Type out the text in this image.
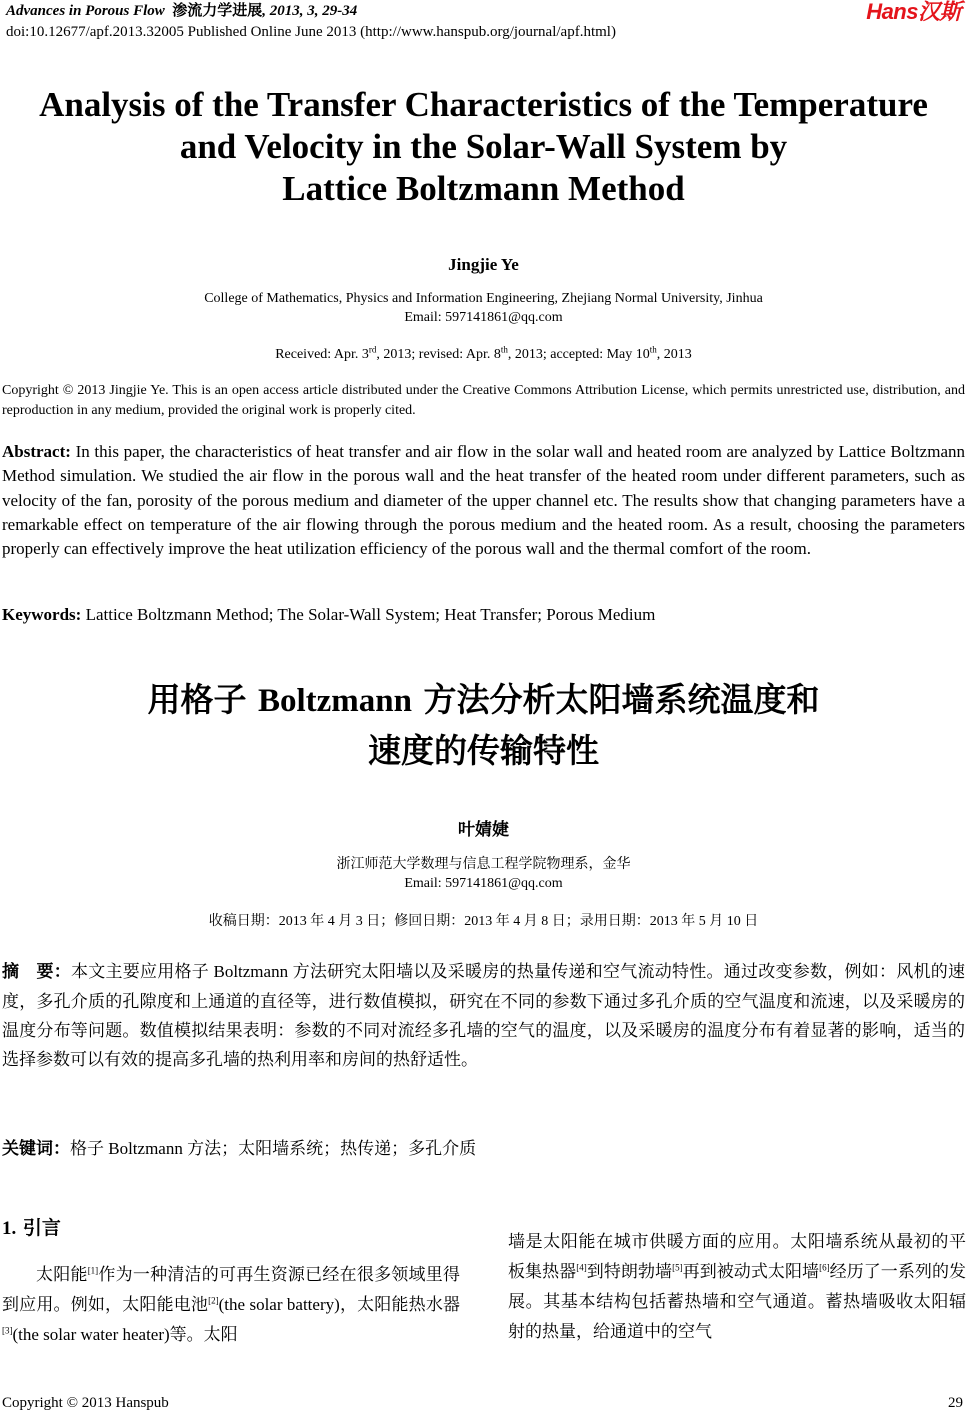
Advances in Porous Flow 渗流力学进展, 2013, 3, 29-34
doi:10.12677/apf.2013.32005 Published Online June 2013 (http://www.hanspub.org/journal/apf.html)
Hans汉斯
Analysis of the Transfer Characteristics of the Temperature
and Velocity in the Solar-Wall System by
Lattice Boltzmann Method
Jingjie Ye
College of Mathematics, Physics and Information Engineering, Zhejiang Normal University, Jinhua
Email: 597141861@qq.com
Received: Apr. 3rd, 2013; revised: Apr. 8th, 2013; accepted: May 10th, 2013
Copyright © 2013 Jingjie Ye. This is an open access article distributed under the Creative Commons Attribution License, which permits unrestricted use, distribution, and reproduction in any medium, provided the original work is properly cited.
Abstract: In this paper, the characteristics of heat transfer and air flow in the solar wall and heated room are analyzed by Lattice Boltzmann Method simulation. We studied the air flow in the porous wall and the heat transfer of the heated room under different parameters, such as velocity of the fan, porosity of the porous medium and diameter of the upper channel etc. The results show that changing parameters have a remarkable effect on temperature of the air flowing through the porous medium and the heated room. As a result, choosing the parameters properly can effectively improve the heat utilization efficiency of the porous wall and the thermal comfort of the room.
Keywords: Lattice Boltzmann Method; The Solar-Wall System; Heat Transfer; Porous Medium
用格子 Boltzmann 方法分析太阳墙系统温度和
速度的传输特性
叶婧婕
浙江师范大学数理与信息工程学院物理系，金华
Email: 597141861@qq.com
收稿日期：2013 年 4 月 3 日；修回日期：2013 年 4 月 8 日；录用日期：2013 年 5 月 10 日
摘　要：本文主要应用格子 Boltzmann 方法研究太阳墙以及采暖房的热量传递和空气流动特性。通过改变参数，例如：风机的速度，多孔介质的孔隙度和上通道的直径等，进行数值模拟，研究在不同的参数下通过多孔介质的空气温度和流速，以及采暖房的温度分布等问题。数值模拟结果表明：参数的不同对流经多孔墙的空气的温度，以及采暖房的温度分布有着显著的影响，适当的选择参数可以有效的提高多孔墙的热利用率和房间的热舒适性。
关键词：格子 Boltzmann 方法；太阳墙系统；热传递；多孔介质
1. 引言
太阳能[1]作为一种清洁的可再生资源已经在很多领域里得到应用。例如，太阳能电池[2](the solar battery)，太阳能热水器[3](the solar water heater)等。太阳
墙是太阳能在城市供暖方面的应用。太阳墙系统从最初的平板集热器[4]到特朗勃墙[5]再到被动式太阳墙[6]经历了一系列的发展。其基本结构包括蓄热墙和空气通道。蓄热墙吸收太阳辐射的热量，给通道中的空气
Copyright © 2013 Hanspub	29
